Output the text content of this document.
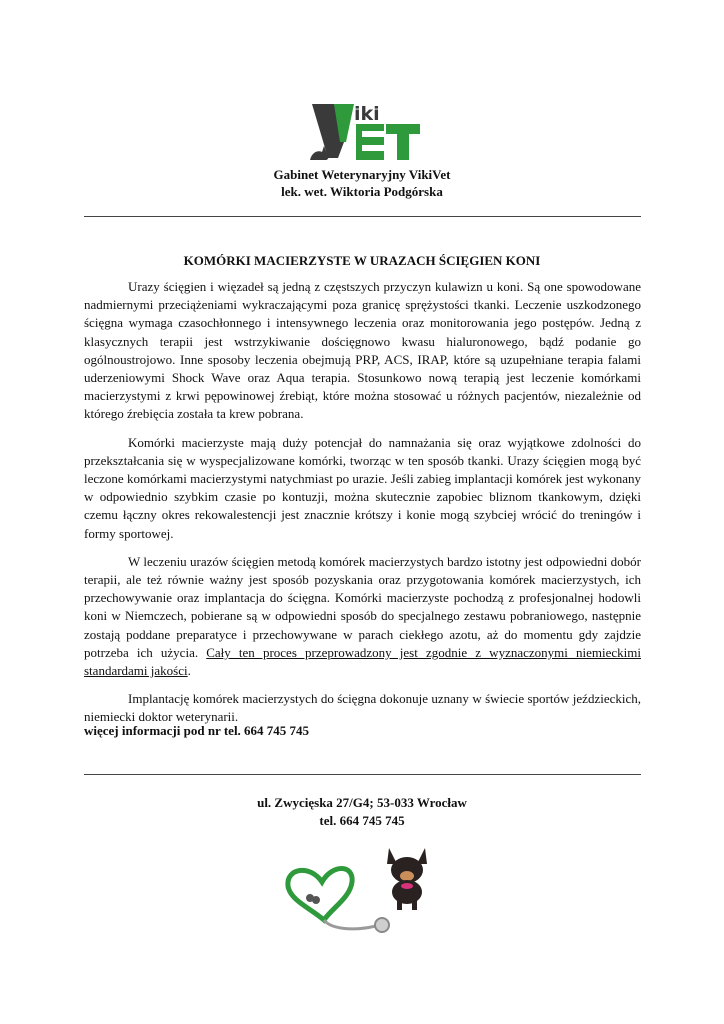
iki
Gabinet Weterynaryjny VikiVet
lek. wet. Wiktoria Podgórska
KOMÓRKI MACIERZYSTE W URAZACH ŚCIĘGIEN KONI

Urazy ścięgien i więzadeł są jedną z częstszych przyczyn kulawizn u koni. Są one spowodowane nadmiernymi przeciążeniami wykraczającymi poza granicę sprężystości tkanki. Leczenie uszkodzonego ścięgna wymaga czasochłonnego i intensywnego leczenia oraz monitorowania jego postępów. Jedną z klasycznych terapii jest wstrzykiwanie dościęgnowo kwasu hialuronowego, bądź podanie go ogólnoustrojowo. Inne sposoby leczenia obejmują PRP, ACS, IRAP, które są uzupełniane terapia falami uderzeniowymi Shock Wave oraz Aqua terapia. Stosunkowo nową terapią jest leczenie komórkami macierzystymi z krwi pępowinowej źrebiąt, które można stosować u różnych pacjentów, niezależnie od którego źrebięcia została ta krew pobrana.

Komórki macierzyste mają duży potencjał do namnażania się oraz wyjątkowe zdolności do przekształcania się w wyspecjalizowane komórki, tworząc w ten sposób tkanki. Urazy ścięgien mogą być leczone komórkami macierzystymi natychmiast po urazie. Jeśli zabieg implantacji komórek jest wykonany w odpowiednio szybkim czasie po kontuzji, można skutecznie zapobiec bliznom tkankowym, dzięki czemu łączny okres rekowalestencji jest znacznie krótszy i konie mogą szybciej wrócić do treningów i formy sportowej.

W leczeniu urazów ścięgien metodą komórek macierzystych bardzo istotny jest odpowiedni dobór terapii, ale też równie ważny jest sposób pozyskania oraz przygotowania komórek macierzystych, ich przechowywanie oraz implantacja do ścięgna. Komórki macierzyste pochodzą z profesjonalnej hodowli koni w Niemczech, pobierane są w odpowiedni sposób do specjalnego zestawu pobraniowego, następnie zostają poddane preparatyce i przechowywane w parach ciekłego azotu, aż do momentu gdy zajdzie potrzeba ich użycia. Cały ten proces przeprowadzony jest zgodnie z wyznaczonymi niemieckimi standardami jakości.

Implantację komórek macierzystych do ścięgna dokonuje uznany w świecie sportów jeździeckich, niemiecki doktor weterynarii.

więcej informacji pod nr tel. 664 745 745
ul. Zwycięska 27/G4; 53-033 Wrocław
tel. 664 745 745
